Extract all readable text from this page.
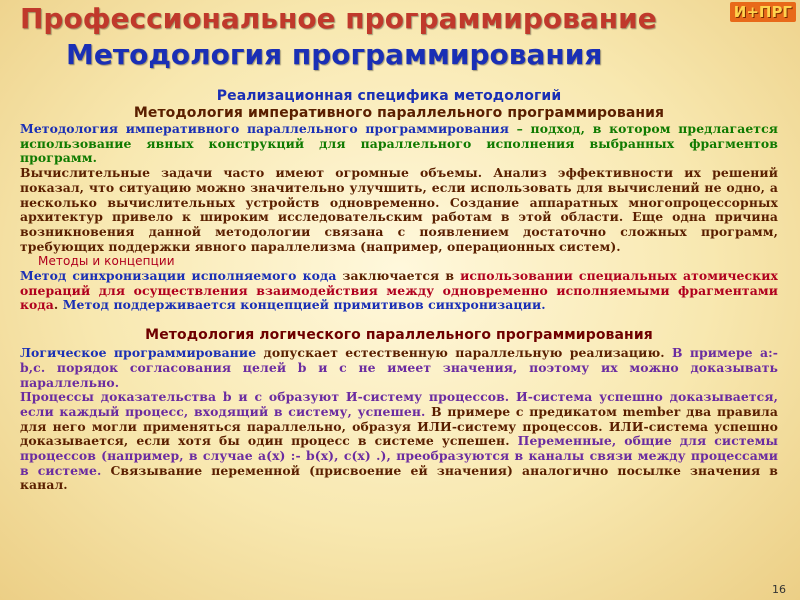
Профессиональное программирование
Методология программирования
И+ПРГ
Реализационная специфика методологий
Методология императивного параллельного программирования

Методология императивного параллельного программирования – подход, в котором предлагается использование явных конструкций для параллельного исполнения выбранных фрагментов программ.

Вычислительные задачи часто имеют огромные объемы. Анализ эффективности их решений показал, что ситуацию можно значительно улучшить, если использовать для вычислений не одно, а несколько вычислительных устройств одновременно. Создание аппаратных многопроцессорных архитектур привело к широким исследовательским работам в этой области. Еще одна причина возникновения данной методологии связана с появлением достаточно сложных программ, требующих поддержки явного параллелизма (например, операционных систем).

Методы и концепции

Метод синхронизации исполняемого кода заключается в использовании специальных атомических операций для осуществления взаимодействия между одновременно исполняемыми фрагментами кода. Метод поддерживается концепцией примитивов синхронизации.

Методология логического параллельного программирования

Логическое программирование допускает естественную параллельную реализацию. В примере a:- b,c. порядок согласования целей b и c не имеет значения, поэтому их можно доказывать параллельно.

Процессы доказательства b и c образуют И-систему процессов. И-система успешно доказывается, если каждый процесс, входящий в систему, успешен. В примере с предикатом member два правила для него могли применяться параллельно, образуя ИЛИ-систему процессов. ИЛИ-система успешно доказывается, если хотя бы один процесс в системе успешен. Переменные, общие для системы процессов (например, в случае a(x) :- b(x), c(x) .), преобразуются в каналы связи между процессами в системе. Связывание переменной (присвоение ей значения) аналогично посылке значения в канал.

16
